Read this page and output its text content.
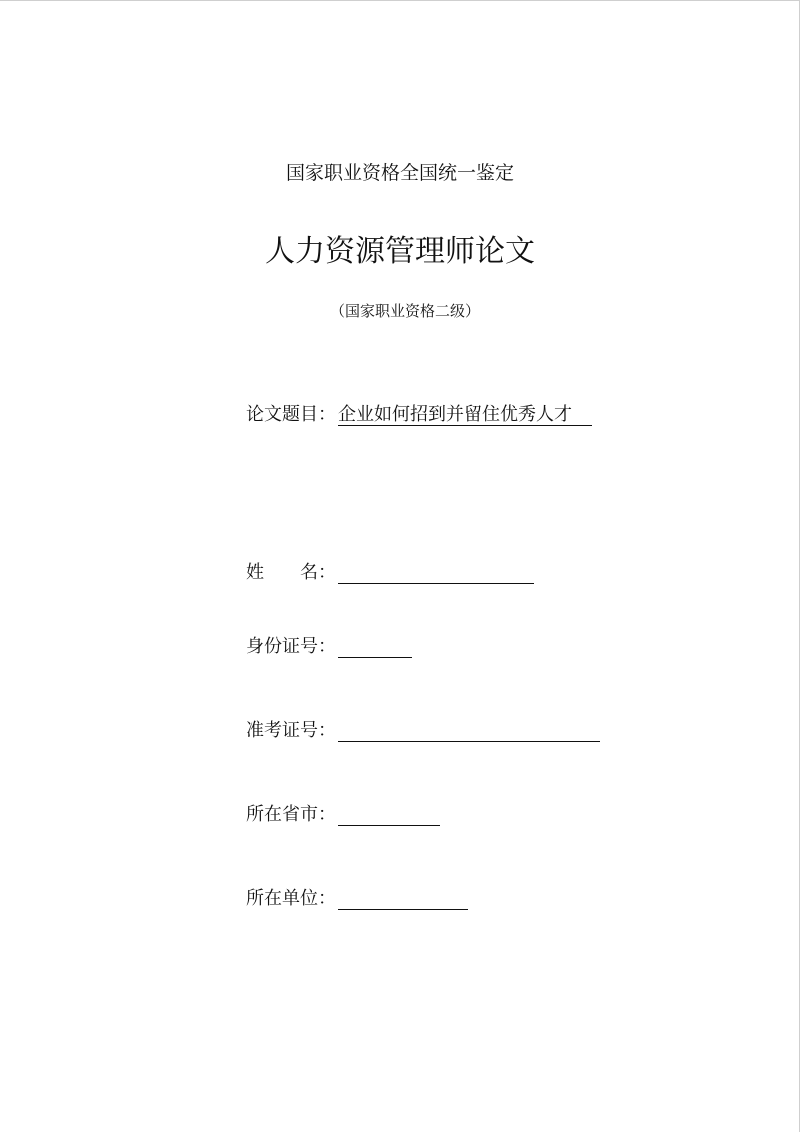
国家职业资格全国统一鉴定
人力资源管理师论文
（国家职业资格二级）
论文题目： 企业如何招到并留住优秀人才
姓 名 ：
身份证号：
准考证号：
所在省市：
所在单位：
